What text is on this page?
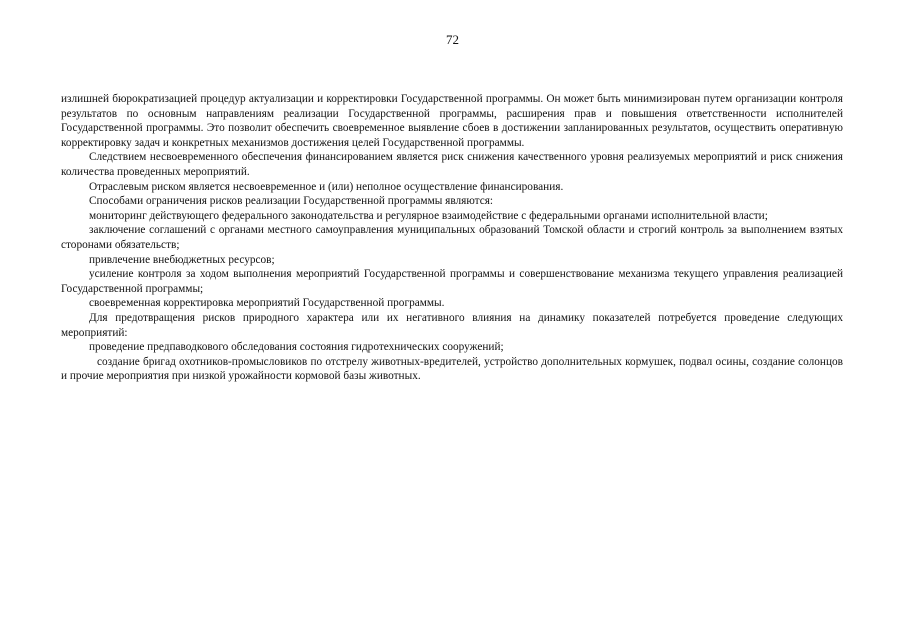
72

излишней бюрократизацией процедур актуализации и корректировки Государственной программы. Он может быть минимизирован путем организации контроля результатов по основным направлениям реализации Государственной программы, расширения прав и повышения ответственности исполнителей Государственной программы. Это позволит обеспечить своевременное выявление сбоев в достижении запланированных результатов, осуществить оперативную корректировку задач и конкретных механизмов достижения целей Государственной программы.

Следствием несвоевременного обеспечения финансированием является риск снижения качественного уровня реализуемых мероприятий и риск снижения количества проведенных мероприятий.

Отраслевым риском является несвоевременное и (или) неполное осуществление финансирования.

Способами ограничения рисков реализации Государственной программы являются:

мониторинг действующего федерального законодательства и регулярное взаимодействие с федеральными органами исполнительной власти;

заключение соглашений с органами местного самоуправления муниципальных образований Томской области и строгий контроль за выполнением взятых сторонами обязательств;

привлечение внебюджетных ресурсов;

усиление контроля за ходом выполнения мероприятий Государственной программы и совершенствование механизма текущего управления реализацией Государственной программы;

своевременная корректировка мероприятий Государственной программы.

Для предотвращения рисков природного характера или их негативного влияния на динамику показателей потребуется проведение следующих мероприятий:

проведение предпаводкового обследования состояния гидротехнических сооружений;

создание бригад охотников-промысловиков по отстрелу животных-вредителей, устройство дополнительных кормушек, подвал осины, создание солонцов и прочие мероприятия при низкой урожайности кормовой базы животных.
